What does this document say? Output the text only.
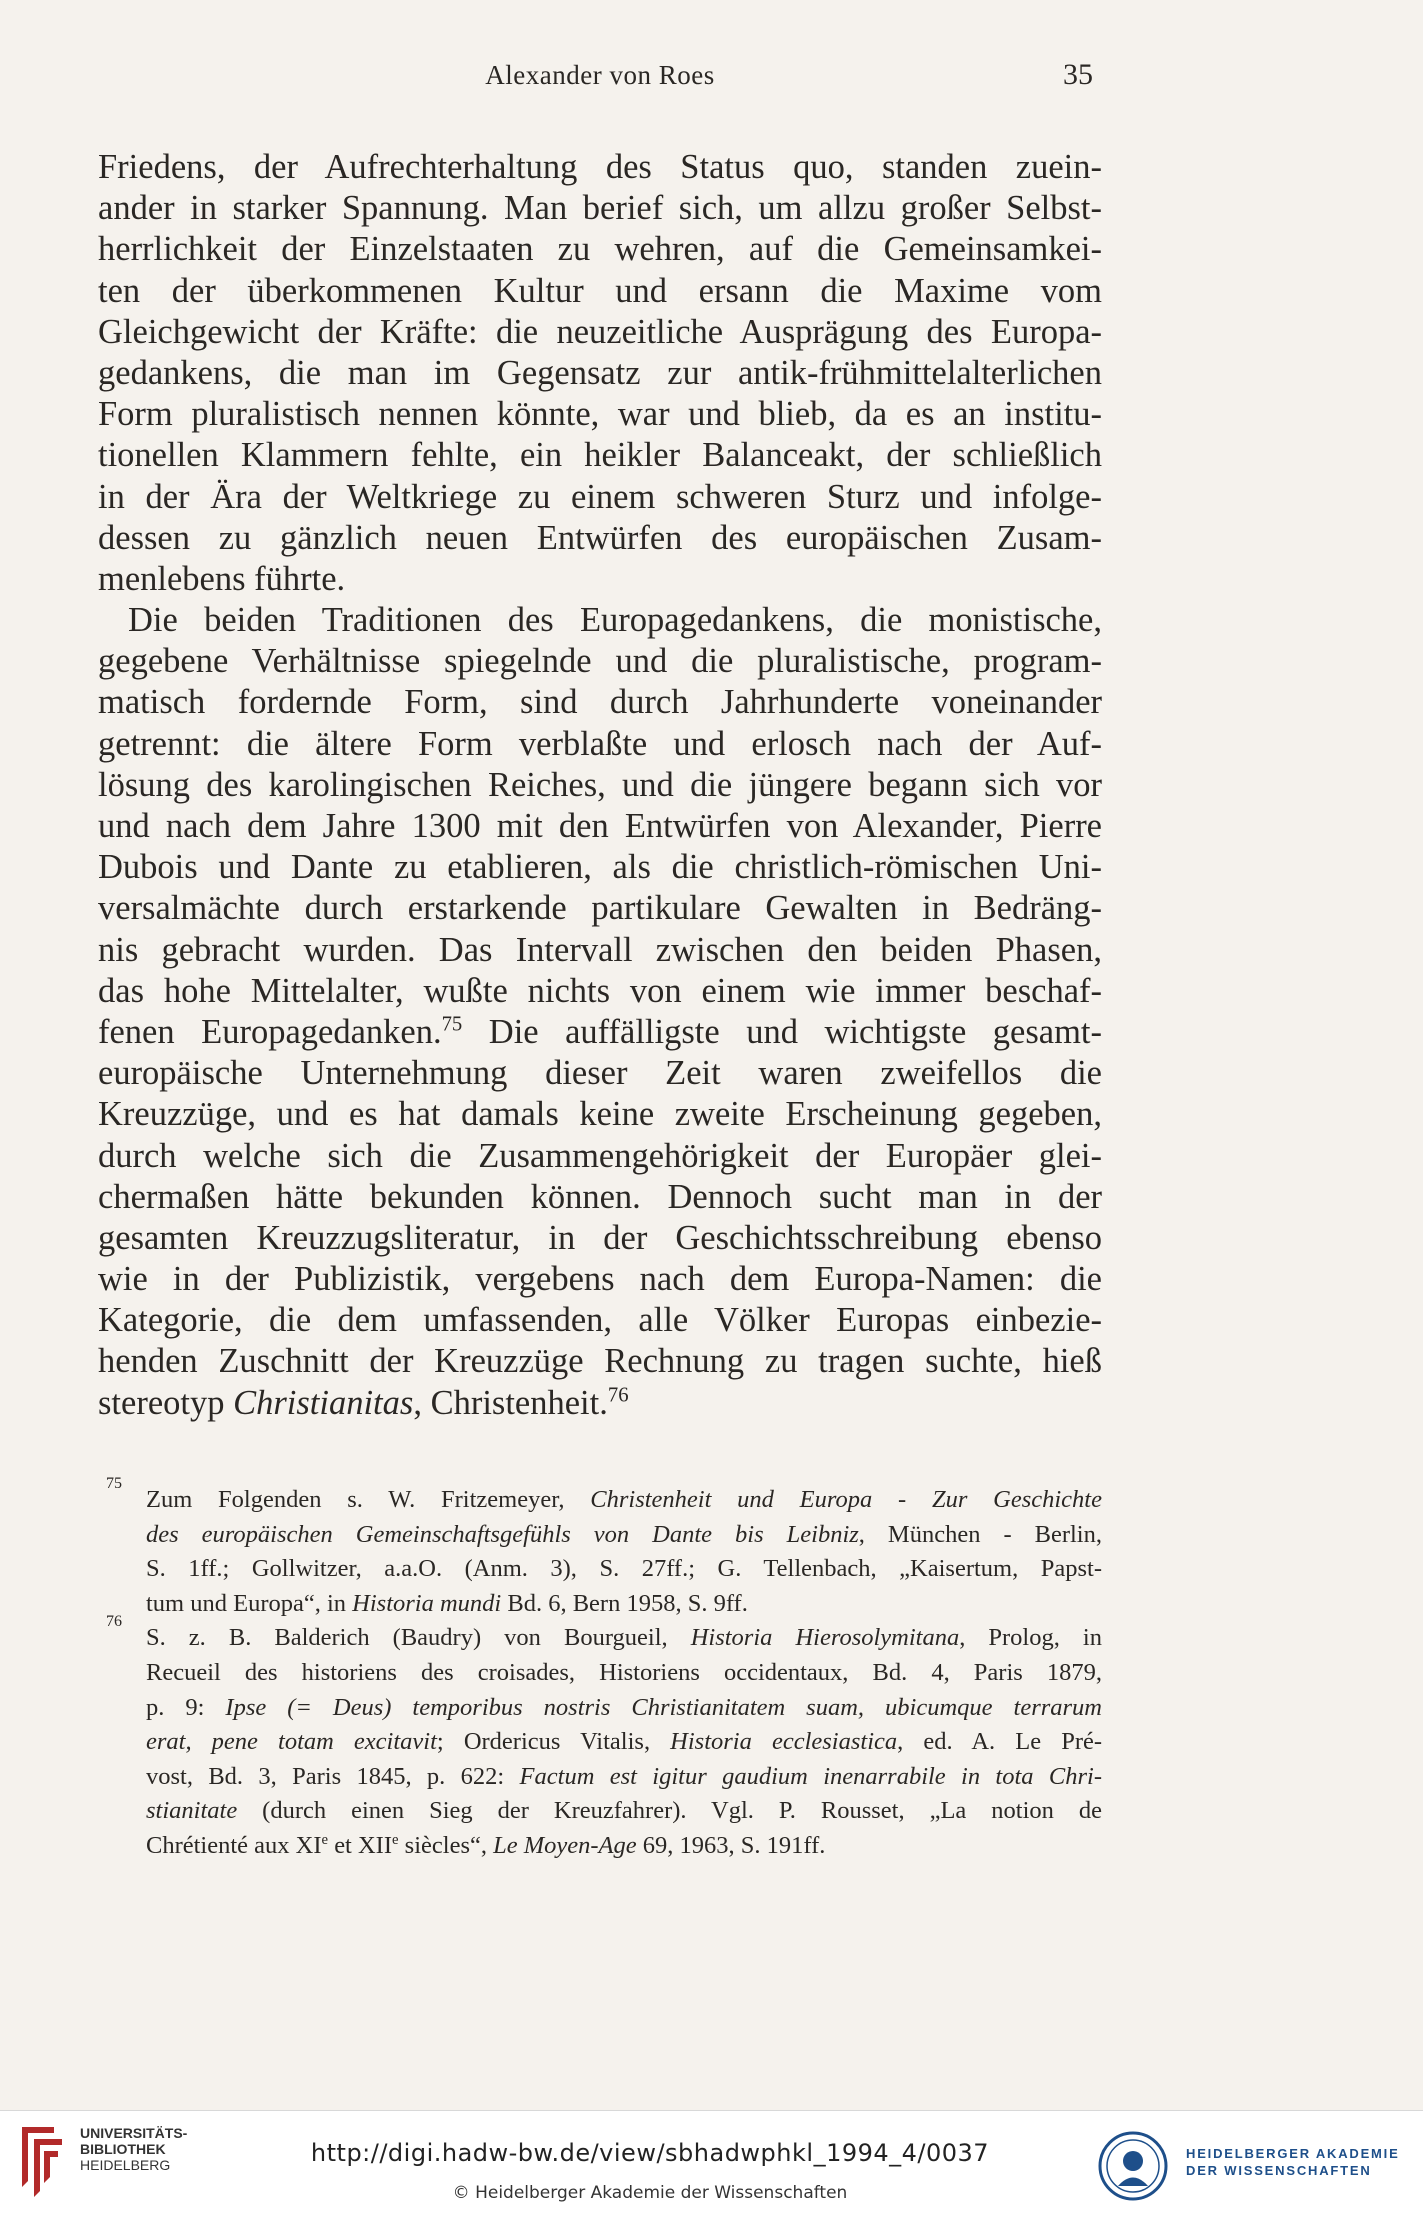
Alexander von Roes	35
Friedens, der Aufrechterhaltung des Status quo, standen zuein-
ander in starker Spannung. Man berief sich, um allzu großer Selbst-
herrlichkeit der Einzelstaaten zu wehren, auf die Gemeinsamkei-
ten der überkommenen Kultur und ersann die Maxime vom
Gleichgewicht der Kräfte: die neuzeitliche Ausprägung des Europa-
gedankens, die man im Gegensatz zur antik-frühmittelalterlichen
Form pluralistisch nennen könnte, war und blieb, da es an institu-
tionellen Klammern fehlte, ein heikler Balanceakt, der schließlich
in der Ära der Weltkriege zu einem schweren Sturz und infolge-
dessen zu gänzlich neuen Entwürfen des europäischen Zusam-
menlebens führte.
Die beiden Traditionen des Europagedankens, die monistische,
gegebene Verhältnisse spiegelnde und die pluralistische, program-
matisch fordernde Form, sind durch Jahrhunderte voneinander
getrennt: die ältere Form verblaßte und erlosch nach der Auf-
lösung des karolingischen Reiches, und die jüngere begann sich vor
und nach dem Jahre 1300 mit den Entwürfen von Alexander, Pierre
Dubois und Dante zu etablieren, als die christlich-römischen Uni-
versalmächte durch erstarkende partikulare Gewalten in Bedräng-
nis gebracht wurden. Das Intervall zwischen den beiden Phasen,
das hohe Mittelalter, wußte nichts von einem wie immer beschaf-
fenen Europagedanken.$^{75}$ Die auffälligste und wichtigste gesamt-
europäische Unternehmung dieser Zeit waren zweifellos die
Kreuzzüge, und es hat damals keine zweite Erscheinung gegeben,
durch welche sich die Zusammengehörigkeit der Europäer glei-
chermaßen hätte bekunden können. Dennoch sucht man in der
gesamten Kreuzzugsliteratur, in der Geschichtsschreibung ebenso
wie in der Publizistik, vergebens nach dem Europa-Namen: die
Kategorie, die dem umfassenden, alle Völker Europas einbezie-
henden Zuschnitt der Kreuzzüge Rechnung zu tragen suchte, hieß
stereotyp Christianitas, Christenheit.$^{76}$
75
Zum Folgenden s. W. Fritzemeyer, Christenheit und Europa - Zur Geschichte
des europäischen Gemeinschaftsgefühls von Dante bis Leibniz, München - Berlin,
S. 1ff.; Gollwitzer, a.a.O. (Anm. 3), S. 27ff.; G. Tellenbach, „Kaisertum, Papst-
tum und Europa“, in Historia mundi Bd. 6, Bern 1958, S. 9ff.
76
S. z. B. Balderich (Baudry) von Bourgueil, Historia Hierosolymitana, Prolog, in
Recueil des historiens des croisades, Historiens occidentaux, Bd. 4, Paris 1879,
p. 9: Ipse (= Deus) temporibus nostris Christianitatem suam, ubicumque terrarum
erat, pene totam excitavit; Ordericus Vitalis, Historia ecclesiastica, ed. A. Le Pré-
vost, Bd. 3, Paris 1845, p. 622: Factum est igitur gaudium inenarrabile in tota Chri-
stianitate (durch einen Sieg der Kreuzfahrer). Vgl. P. Rousset, „La notion de
Chrétienté aux XIe et XIIe siècles“, Le Moyen-Age 69, 1963, S. 191ff.
UNIVERSITÄTS-
BIBLIOTHEK
HEIDELBERG	http://digi.hadw-bw.de/view/sbhadwphkl_1994_4/0037
© Heidelberger Akademie der Wissenschaften
HEIDELBERGER AKADEMIE
DER WISSENSCHAFTEN
